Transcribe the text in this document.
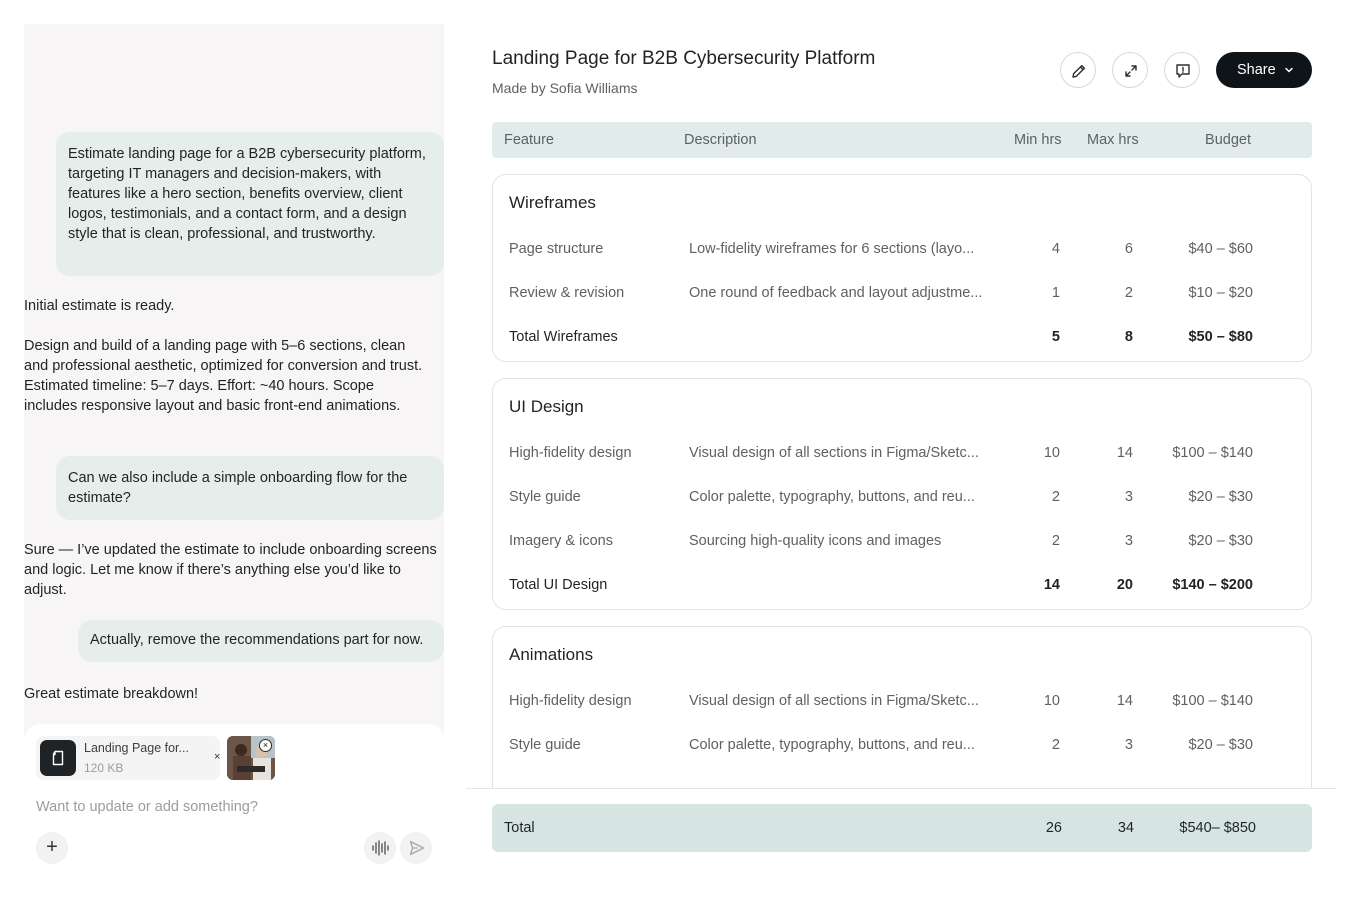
Estimate landing page for a B2B cybersecurity platform, targeting IT managers and decision-makers, with features like a hero section, benefits overview, client logos, testimonials, and a contact form, and a design style that is clean, professional, and trustworthy.
Initial estimate is ready.
Design and build of a landing page with 5–6 sections, clean and professional aesthetic, optimized for conversion and trust. Estimated timeline: 5–7 days. Effort: ~40 hours. Scope includes responsive layout and basic front-end animations.
Can we also include a simple onboarding flow for the estimate?
Sure — I’ve updated the estimate to include onboarding screens and logic. Let me know if there’s anything else you’d like to adjust.
Actually, remove the recommendations part for now.
Great estimate breakdown!
Landing Page for...
120 KB
×
×
Want to update or add something?
+
Landing Page for B2B Cybersecurity Platform
Made by Sofia Williams
Share
Feature	Description	Min hrs Max hrs	Budget
Wireframes
Page structure	Low-fidelity wireframes for 6 sections (layo...	4	6	$40 – $60
Review & revision	One round of feedback and layout adjustme...	1	2	$10 – $20
Total Wireframes	5	8	$50 – $80
UI Design
High-fidelity design	Visual design of all sections in Figma/Sketc...	10	14	$100 – $140
Style guide	Color palette, typography, buttons, and reu...	2	3	$20 – $30
Imagery & icons	Sourcing high-quality icons and images	2	3	$20 – $30
Total UI Design	14	20	$140 – $200
Animations
High-fidelity design	Visual design of all sections in Figma/Sketc...	10	14	$100 – $140
Style guide	Color palette, typography, buttons, and reu...	2	3	$20 – $30
Total	26	34	$540– $850
